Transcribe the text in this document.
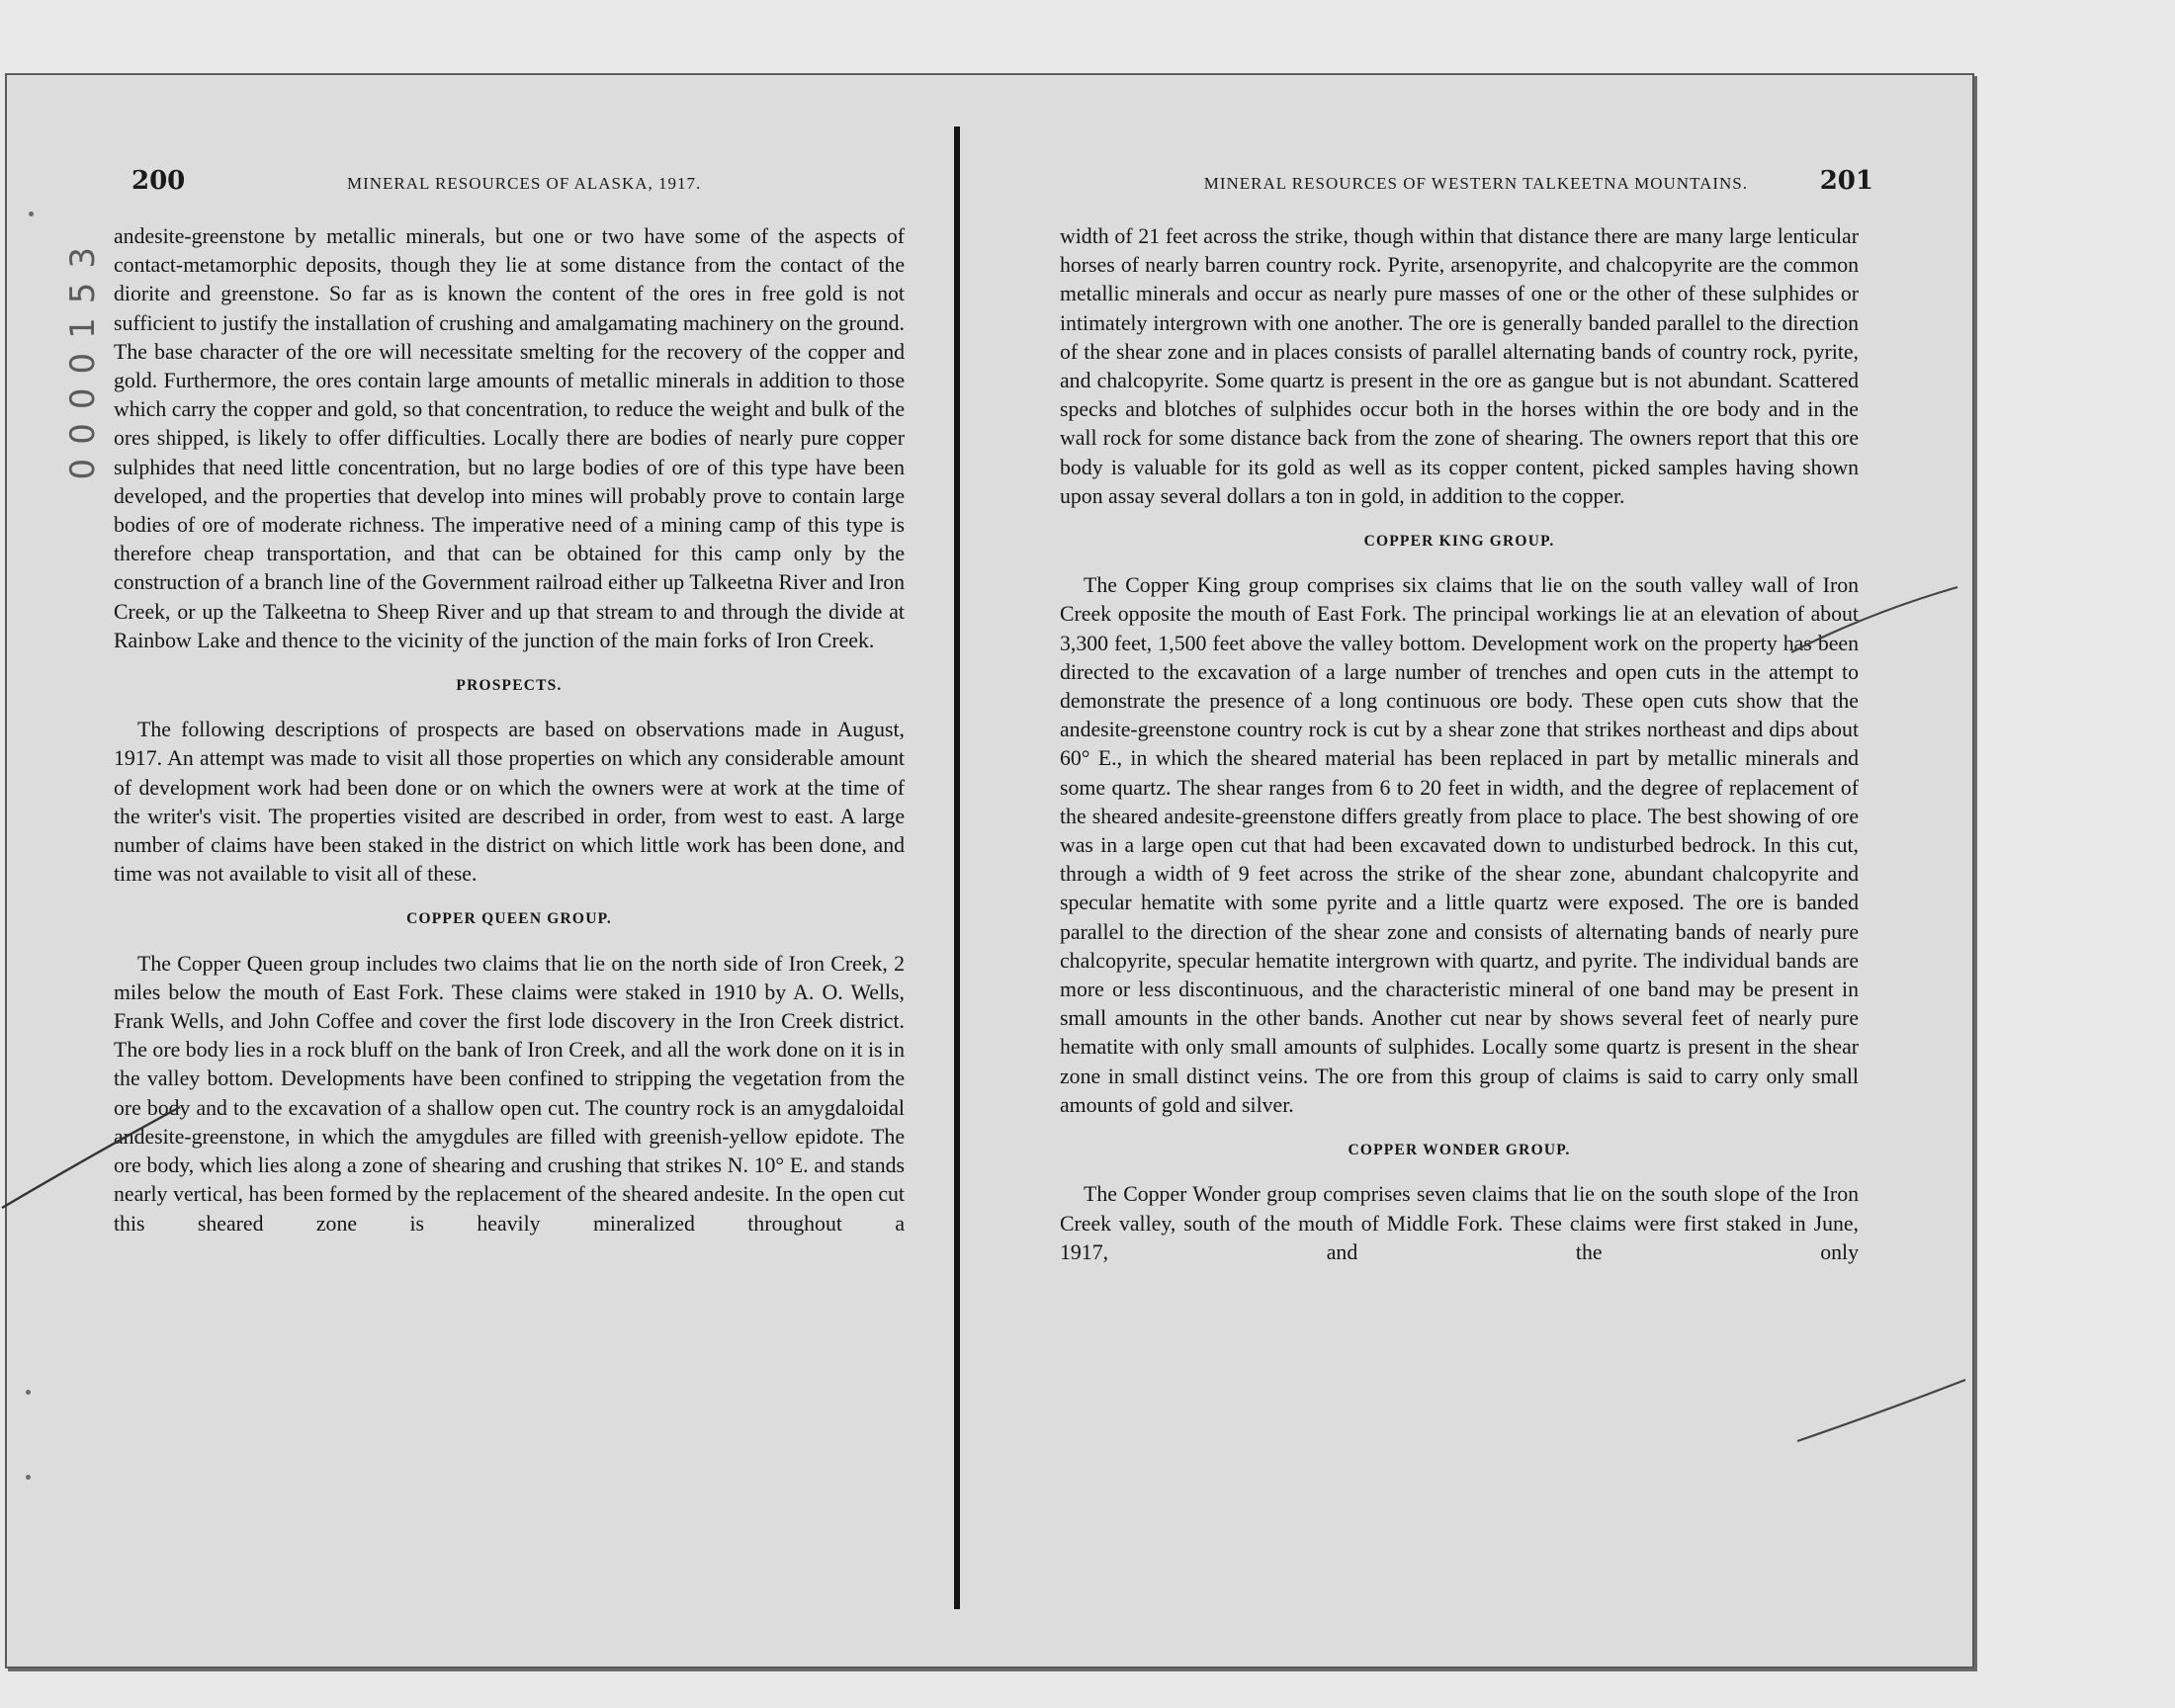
0000153
200	MINERAL RESOURCES OF ALASKA, 1917.

andesite-greenstone by metallic minerals, but one or two have some of the aspects of contact-metamorphic deposits, though they lie at some distance from the contact of the diorite and greenstone. So far as is known the content of the ores in free gold is not sufficient to justify the installation of crushing and amalgamating machinery on the ground. The base character of the ore will necessitate smelting for the recovery of the copper and gold. Furthermore, the ores contain large amounts of metallic minerals in addition to those which carry the copper and gold, so that concentration, to reduce the weight and bulk of the ores shipped, is likely to offer difficulties. Locally there are bodies of nearly pure copper sulphides that need little concentration, but no large bodies of ore of this type have been developed, and the properties that develop into mines will probably prove to contain large bodies of ore of moderate richness. The imperative need of a mining camp of this type is therefore cheap transportation, and that can be obtained for this camp only by the construction of a branch line of the Government railroad either up Talkeetna River and Iron Creek, or up the Talkeetna to Sheep River and up that stream to and through the divide at Rainbow Lake and thence to the vicinity of the junction of the main forks of Iron Creek.

PROSPECTS.

The following descriptions of prospects are based on observations made in August, 1917. An attempt was made to visit all those properties on which any considerable amount of development work had been done or on which the owners were at work at the time of the writer's visit. The properties visited are described in order, from west to east. A large number of claims have been staked in the district on which little work has been done, and time was not available to visit all of these.

COPPER QUEEN GROUP.

The Copper Queen group includes two claims that lie on the north side of Iron Creek, 2 miles below the mouth of East Fork. These claims were staked in 1910 by A. O. Wells, Frank Wells, and John Coffee and cover the first lode discovery in the Iron Creek district. The ore body lies in a rock bluff on the bank of Iron Creek, and all the work done on it is in the valley bottom. Developments have been confined to stripping the vegetation from the ore body and to the excavation of a shallow open cut. The country rock is an amygdaloidal andesite-greenstone, in which the amygdules are filled with greenish-yellow epidote. The ore body, which lies along a zone of shearing and crushing that strikes N. 10° E. and stands nearly vertical, has been formed by the replacement of the sheared andesite. In the open cut this sheared zone is heavily mineralized throughout a

MINERAL RESOURCES OF WESTERN TALKEETNA MOUNTAINS.	201

width of 21 feet across the strike, though within that distance there are many large lenticular horses of nearly barren country rock. Pyrite, arsenopyrite, and chalcopyrite are the common metallic minerals and occur as nearly pure masses of one or the other of these sulphides or intimately intergrown with one another. The ore is generally banded parallel to the direction of the shear zone and in places consists of parallel alternating bands of country rock, pyrite, and chalcopyrite. Some quartz is present in the ore as gangue but is not abundant. Scattered specks and blotches of sulphides occur both in the horses within the ore body and in the wall rock for some distance back from the zone of shearing. The owners report that this ore body is valuable for its gold as well as its copper content, picked samples having shown upon assay several dollars a ton in gold, in addition to the copper.

COPPER KING GROUP.

The Copper King group comprises six claims that lie on the south valley wall of Iron Creek opposite the mouth of East Fork. The principal workings lie at an elevation of about 3,300 feet, 1,500 feet above the valley bottom. Development work on the property has been directed to the excavation of a large number of trenches and open cuts in the attempt to demonstrate the presence of a long continuous ore body. These open cuts show that the andesite-greenstone country rock is cut by a shear zone that strikes northeast and dips about 60° E., in which the sheared material has been replaced in part by metallic minerals and some quartz. The shear ranges from 6 to 20 feet in width, and the degree of replacement of the sheared andesite-greenstone differs greatly from place to place. The best showing of ore was in a large open cut that had been excavated down to undisturbed bedrock. In this cut, through a width of 9 feet across the strike of the shear zone, abundant chalcopyrite and specular hematite with some pyrite and a little quartz were exposed. The ore is banded parallel to the direction of the shear zone and consists of alternating bands of nearly pure chalcopyrite, specular hematite intergrown with quartz, and pyrite. The individual bands are more or less discontinuous, and the characteristic mineral of one band may be present in small amounts in the other bands. Another cut near by shows several feet of nearly pure hematite with only small amounts of sulphides. Locally some quartz is present in the shear zone in small distinct veins. The ore from this group of claims is said to carry only small amounts of gold and silver.

COPPER WONDER GROUP.

The Copper Wonder group comprises seven claims that lie on the south slope of the Iron Creek valley, south of the mouth of Middle Fork. These claims were first staked in June, 1917, and the only
